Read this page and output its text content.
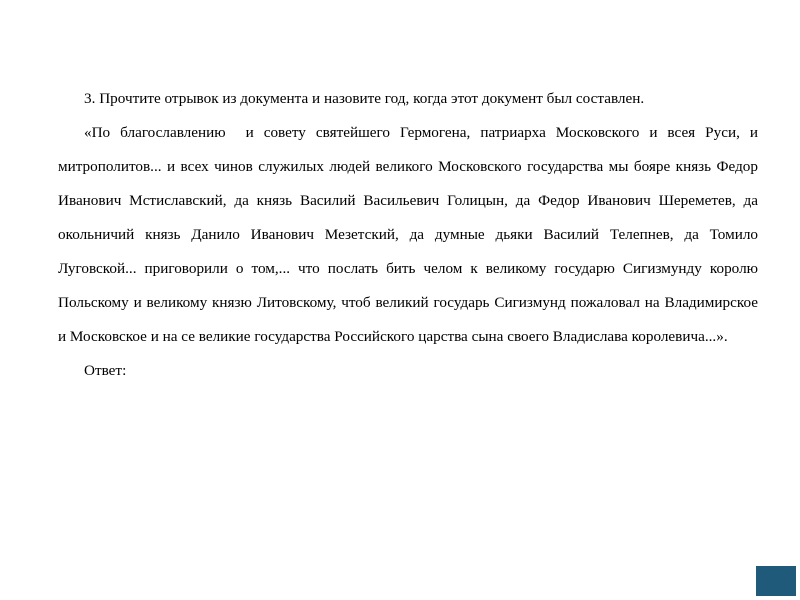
3. Прочтите отрывок из документа и назовите год, когда этот документ был составлен.

«По благославлению  и совету святейшего Гермогена, патриарха Московского и всея Руси, и митрополитов... и всех чинов служилых людей великого Московского государства мы бояре князь Федор Иванович Мстиславский, да князь Василий Васильевич Голицын, да Федор Иванович Шереметев, да окольничий князь Данило Иванович Мезетский, да думные дьяки Василий Телепнев, да Томило Луговской... приговорили о том,... что послать бить челом к великому государю Сигизмунду королю Польскому и великому князю Литовскому, чтоб великий государь Сигизмунд пожаловал на Владимирское и Московское и на се великие государства Российского царства сына своего Владислава королевича...».

Ответ:
